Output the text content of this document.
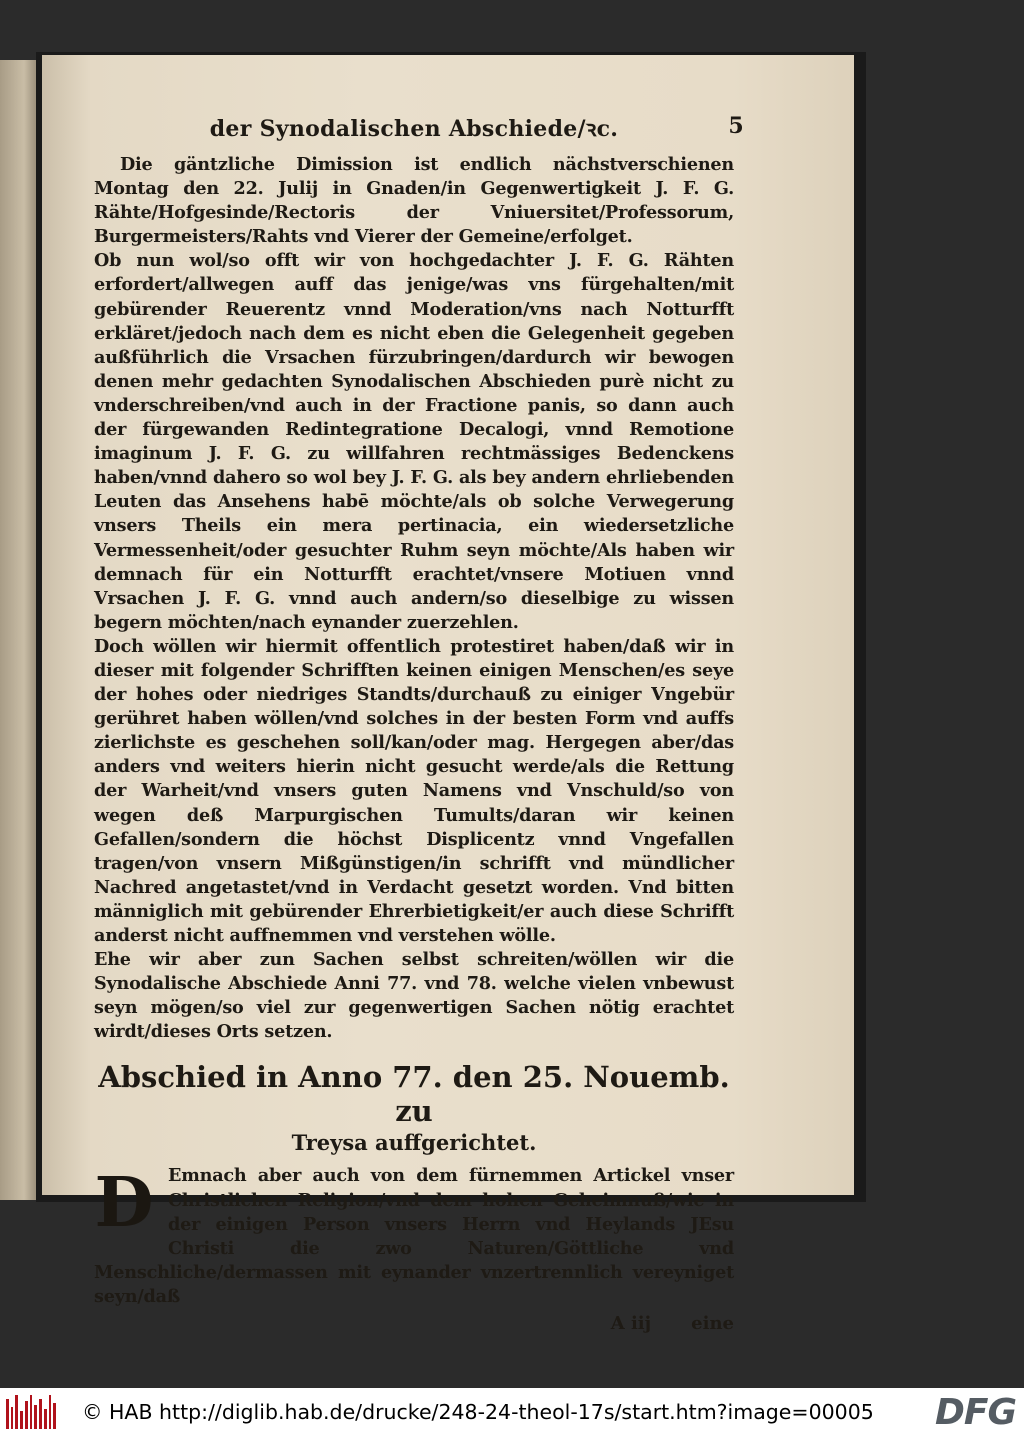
der Synodalischen Abschiede/ꝛc.	5

Die gäntzliche Dimission ist endlich nächstverschienen Montag den 22. Julij in Gnaden/in Gegenwertigkeit J. F. G. Rähte/Hofgesinde/Rectoris der Vniuersitet/Professorum, Burgermeisters/Rahts vnd Vierer der Gemeine/erfolget.

Ob nun wol/so offt wir von hochgedachter J. F. G. Rähten erfordert/allwegen auff das jenige/was vns fürgehalten/mit gebürender Reuerentz vnnd Moderation/vns nach Notturfft erkläret/jedoch nach dem es nicht eben die Gelegenheit gegeben außführlich die Vrsachen fürzubringen/dardurch wir bewogen denen mehr gedachten Synodalischen Abschieden purè nicht zu vnderschreiben/vnd auch in der Fractione panis, so dann auch der fürgewanden Redintegratione Decalogi, vnnd Remotione imaginum J. F. G. zu willfahren rechtmässiges Bedenckens haben/vnnd dahero so wol bey J. F. G. als bey andern ehrliebenden Leuten das Ansehens habē möchte/als ob solche Verwegerung vnsers Theils ein mera pertinacia, ein wiedersetzliche Vermessenheit/oder gesuchter Ruhm seyn möchte/Als haben wir demnach für ein Notturfft erachtet/vnsere Motiuen vnnd Vrsachen J. F. G. vnnd auch andern/so dieselbige zu wissen begern möchten/nach eynander zuerzehlen.

Doch wöllen wir hiermit offentlich protestiret haben/daß wir in dieser mit folgender Schrifften keinen einigen Menschen/es seye der hohes oder niedriges Standts/durchauß zu einiger Vngebür gerühret haben wöllen/vnd solches in der besten Form vnd auffs zierlichste es geschehen soll/kan/oder mag. Hergegen aber/das anders vnd weiters hierin nicht gesucht werde/als die Rettung der Warheit/vnd vnsers guten Namens vnd Vnschuld/so von wegen deß Marpurgischen Tumults/daran wir keinen Gefallen/sondern die höchst Displicentz vnnd Vngefallen tragen/von vnsern Mißgünstigen/in schrifft vnd mündlicher Nachred angetastet/vnd in Verdacht gesetzt worden. Vnd bitten männiglich mit gebürender Ehrerbietigkeit/er auch diese Schrifft anderst nicht auffnemmen vnd verstehen wölle.

Ehe wir aber zun Sachen selbst schreiten/wöllen wir die Synodalische Abschiede Anni 77. vnd 78. welche vielen vnbewust seyn mögen/so viel zur gegenwertigen Sachen nötig erachtet wirdt/dieses Orts setzen.

Abschied in Anno 77. den 25. Nouemb. zu
Treysa auffgerichtet.
D Emnach aber auch von dem fürnemmen Artickel vnser Christlichen Religion/vnd dem hohen Geheimnuß/wie in der einigen Person vnsers Herrn vnd Heylands JEsu Christi die zwo Naturen/Göttliche vnd Menschliche/dermassen mit eynander vnzertrennlich vereyniget seyn/daß

A iij eine
© HAB http://diglib.hab.de/drucke/248-24-theol-17s/start.htm?image=00005 DFG
